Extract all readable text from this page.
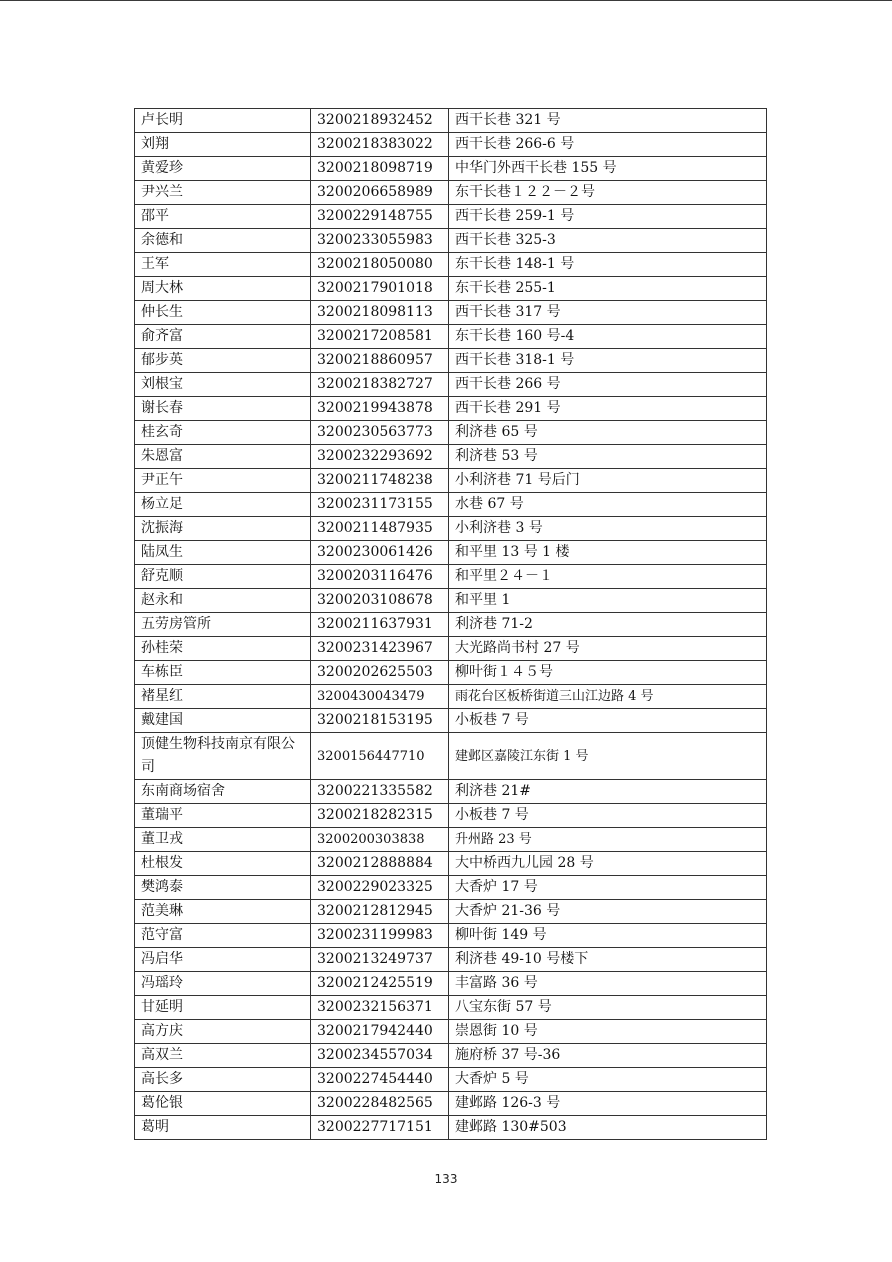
卢长明	3200218932452	西干长巷 321 号
刘翔	3200218383022	西干长巷 266-6 号
黄爱珍	3200218098719	中华门外西干长巷 155 号
尹兴兰	3200206658989	东干长巷１２２－２号
邵平	3200229148755	西干长巷 259-1 号
余德和	3200233055983	西干长巷 325-3
王军	3200218050080	东干长巷 148-1 号
周大林	3200217901018	东干长巷 255-1
仲长生	3200218098113	西干长巷 317 号
俞齐富	3200217208581	东干长巷 160 号-4
郁步英	3200218860957	西干长巷 318-1 号
刘根宝	3200218382727	西干长巷 266 号
谢长春	3200219943878	西干长巷 291 号
桂玄奇	3200230563773	利济巷 65 号
朱恩富	3200232293692	利济巷 53 号
尹正午	3200211748238	小利济巷 71 号后门
杨立足	3200231173155	水巷 67 号
沈振海	3200211487935	小利济巷 3 号
陆凤生	3200230061426	和平里 13 号 1 楼
舒克顺	3200203116476	和平里２４－１
赵永和	3200203108678	和平里 1
五劳房管所	3200211637931	利济巷 71-2
孙桂荣	3200231423967	大光路尚书村 27 号
车栋臣	3200202625503	柳叶街１４５号
褚星红	3200430043479	雨花台区板桥街道三山江边路 4 号
戴建国	3200218153195	小板巷 7 号
顶健生物科技南京有限公司	3200156447710	建邺区嘉陵江东街 1 号
东南商场宿舍	3200221335582	利济巷 21#
董瑞平	3200218282315	小板巷 7 号
董卫戎	3200200303838	升州路 23 号
杜根发	3200212888884	大中桥西九儿园 28 号
樊鸿泰	3200229023325	大香炉 17 号
范美琳	3200212812945	大香炉 21-36 号
范守富	3200231199983	柳叶街 149 号
冯启华	3200213249737	利济巷 49-10 号楼下
冯瑶玲	3200212425519	丰富路 36 号
甘延明	3200232156371	八宝东街 57 号
高方庆	3200217942440	崇恩街 10 号
高双兰	3200234557034	施府桥 37 号-36
高长多	3200227454440	大香炉 5 号
葛伦银	3200228482565	建邺路 126-3 号
葛明	3200227717151	建邺路 130#503
133
